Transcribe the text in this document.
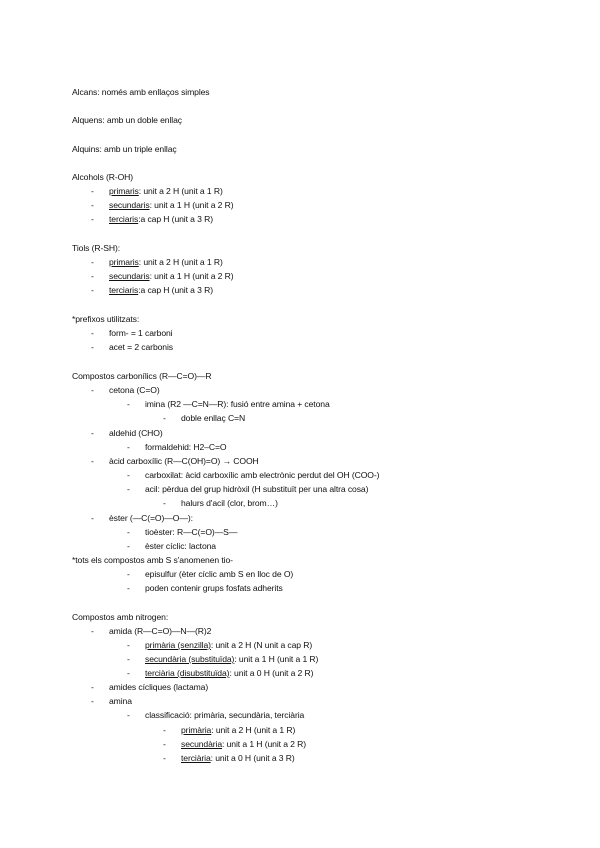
Alcans: només amb enllaços simples
Alquens: amb un doble enllaç
Alquins: amb un triple enllaç
Alcohols (R-OH)
- primaris: unit a 2 H (unit a 1 R)
- secundaris: unit a 1 H (unit a 2 R)
- terciaris:a cap H (unit a 3 R)
Tiols (R-SH):
- primaris: unit a 2 H (unit a 1 R)
- secundaris: unit a 1 H (unit a 2 R)
- terciaris:a cap H (unit a 3 R)
*prefixos utilitzats:
- form- = 1 carboni
- acet = 2 carbonis
Compostos carbonílics (R—C=O)—R
- cetona (C=O)
- imina (R2 —C=N—R): fusió entre amina + cetona
- doble enllaç C=N
- aldehid (CHO)
- formaldehid: H2–C=O
- àcid carboxílic (R—C(OH)=O) → COOH
- carboxilat: àcid carboxílic amb electrònic perdut del OH (COO-)
- acil: pèrdua del grup hidròxil (H substituït per una altra cosa)
- halurs d'acil (clor, brom…)
- èster (—C(=O)—O—):
- tioèster: R—C(=O)—S—
- èster cíclic: lactona
*tots els compostos amb S s'anomenen tio-
- episulfur (èter cíclic amb S en lloc de O)
- poden contenir grups fosfats adherits
Compostos amb nitrogen:
- amida (R—C=O)—N—(R)2
- primària (senzilla): unit a 2 H (N unit a cap R)
- secundària (substituïda): unit a 1 H (unit a 1 R)
- terciària (disubstituïda): unit a 0 H (unit a 2 R)
- amides cícliques (lactama)
- amina
- classificació: primària, secundària, terciària
- primària: unit a 2 H (unit a 1 R)
- secundària: unit a 1 H (unit a 2 R)
- terciària: unit a 0 H (unit a 3 R)
